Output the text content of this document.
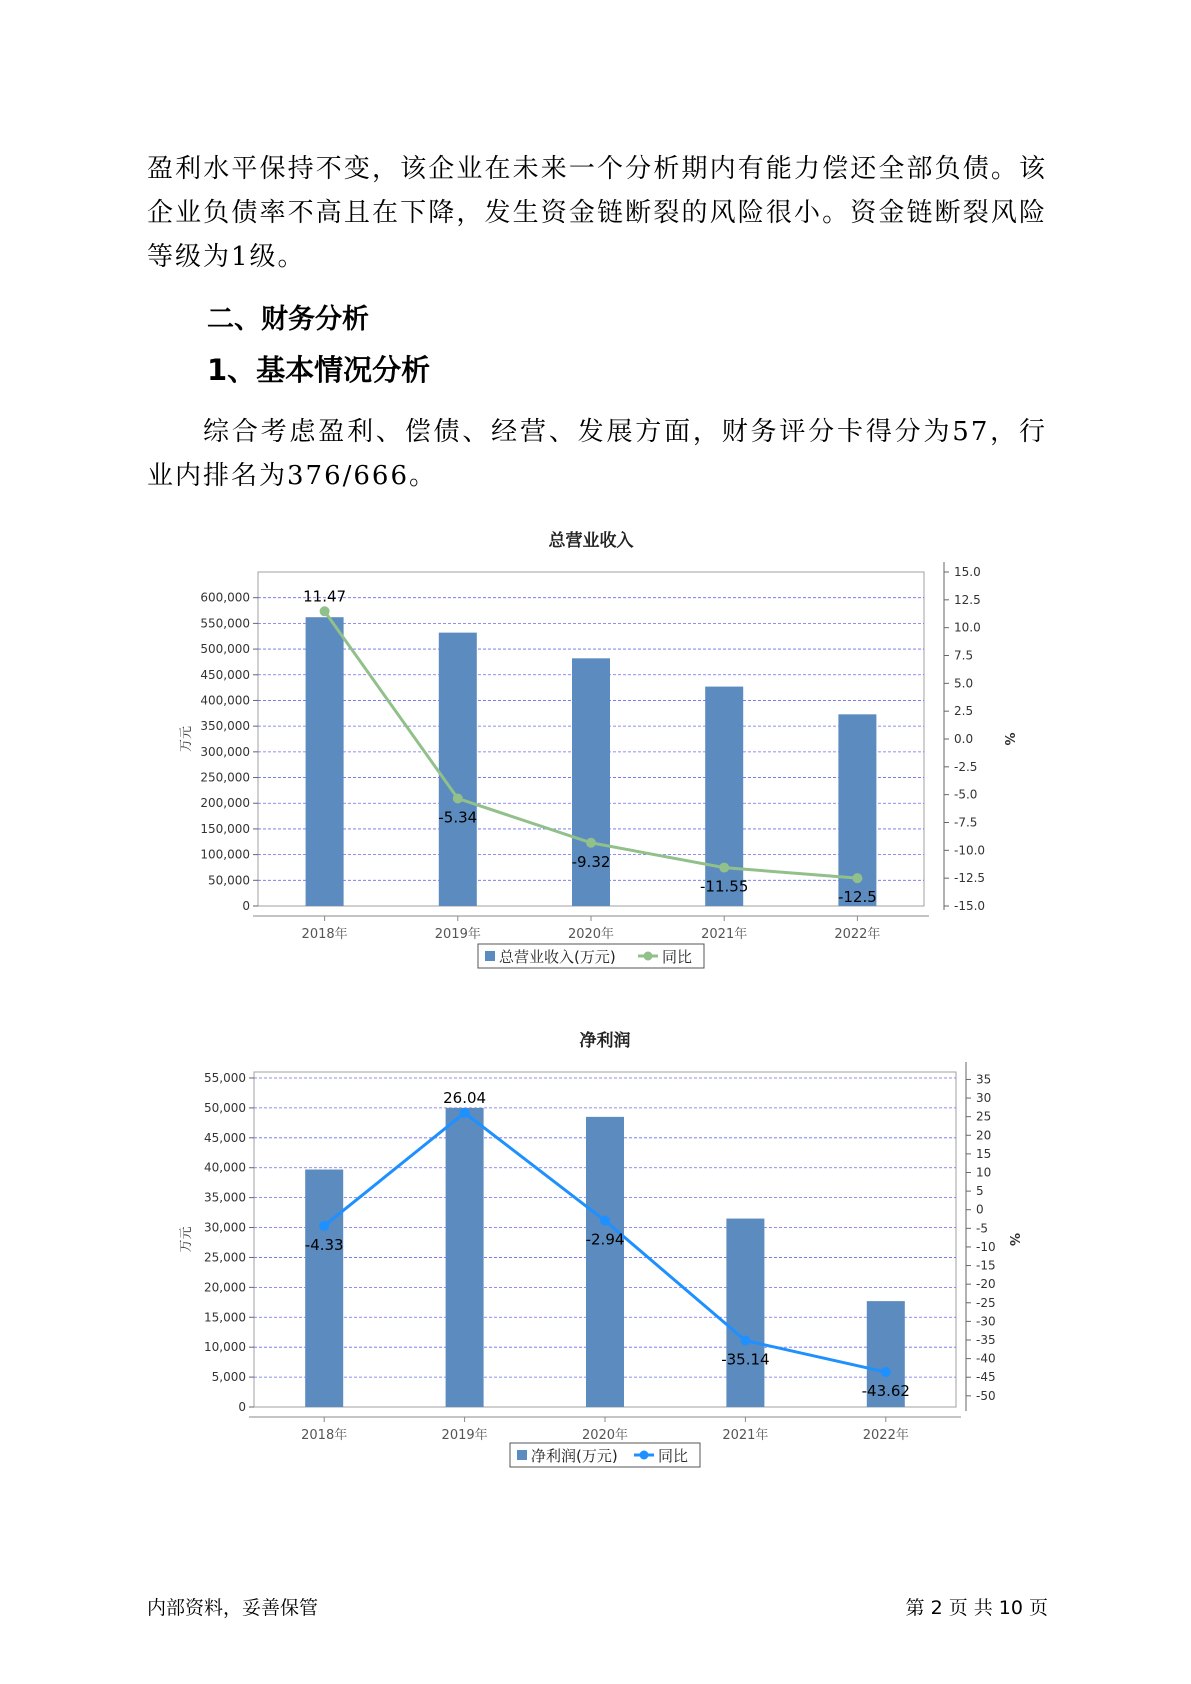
盈利水平保持不变，该企业在未来一个分析期内有能力偿还全部负债。该企业负债率不高且在下降，发生资金链断裂的风险很小。资金链断裂风险等级为1级。

二、财务分析
1、基本情况分析

综合考虑盈利、偿债、经营、发展方面，财务评分卡得分为57，行业内排名为376/666。

总营业收入
0
50,000
100,000
150,000
200,000
250,000
300,000
350,000
400,000
450,000
500,000
550,000
600,000
-15.0
-12.5
-10.0
-7.5
-5.0
-2.5
0.0
2.5
5.0
7.5
10.0
12.5
15.0
万元	%
2018年	2019年	2020年	2021年	2022年
11.47
-5.34
-9.32
-11.55
-12.5
总营业收入(万元)	同比
净利润
0
5,000
10,000
15,000
20,000
25,000
30,000
35,000
40,000
45,000
50,000
55,000
-50
-45
-40
-35
-30
-25
-20
-15
-10
-5
0
5
10
15
20
25
30
35
万元	%
2018年	2019年	2020年	2021年	2022年
-4.33
26.04
-2.94
-35.14
-43.62
净利润(万元)	同比
内部资料，妥善保管	第 2 页 共 10 页
